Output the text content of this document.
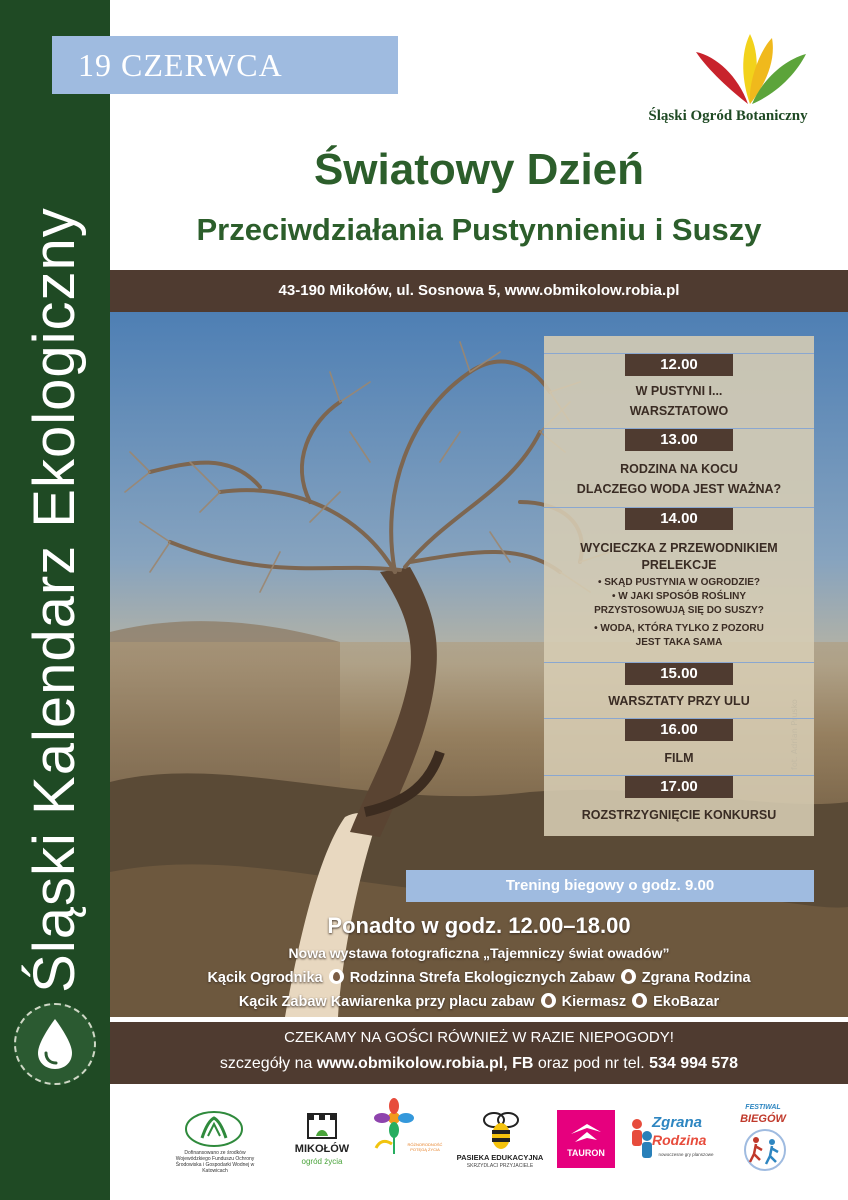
Śląski Kalendarz Ekologiczny
19 CZERWCA
Śląski Ogród Botaniczny
Światowy Dzień
Przeciwdziałania Pustynnieniu i Suszy
43-190 Mikołów, ul. Sosnowa 5, www.obmikolow.robia.pl
12.00
W PUSTYNI I...
WARSZTATOWO
13.00
RODZINA NA KOCU
DLACZEGO WODA JEST WAŻNA?
14.00
WYCIECZKA Z PRZEWODNIKIEM
PRELEKCJE
• SKĄD PUSTYNIA W OGRODZIE?
• W JAKI SPOSÓB ROŚLINY
PRZYSTOSOWUJĄ SIĘ DO SUSZY?
• WODA, KTÓRA TYLKO Z POZORU
JEST TAKA SAMA
15.00
WARSZTATY PRZY ULU
16.00
FILM
17.00
ROZSTRZYGNIĘCIE KONKURSU
Trening biegowy o godz. 9.00
Ponadto w godz. 12.00–18.00
Nowa wystawa fotograficzna „Tajemniczy świat owadów”
Kącik Ogrodnika Rodzinna Strefa Ekologicznych Zabaw Zgrana Rodzina
Kącik Zabaw Kawiarenka przy placu zabaw Kiermasz EkoBazar
CZEKAMY NA GOŚCI RÓWNIEŻ W RAZIE NIEPOGODY!
szczegóły na www.obmikolow.robia.pl, FB oraz pod nr tel. 534 994 578
Dofinansowano ze środków Wojewódzkiego Funduszu Ochrony Środowiska i Gospodarki Wodnej w Katowicach
MIKOŁÓW
ogród życia
RÓŻNORODNOŚĆ POTĘGĄ ŻYCIA
PASIEKA EDUKACYJNA
SKRZYDLACI PRZYJACIELE
TAURON
Zgrana
Rodzina
nowoczesne gry planszowe
FESTIWAL
BIEGÓW
